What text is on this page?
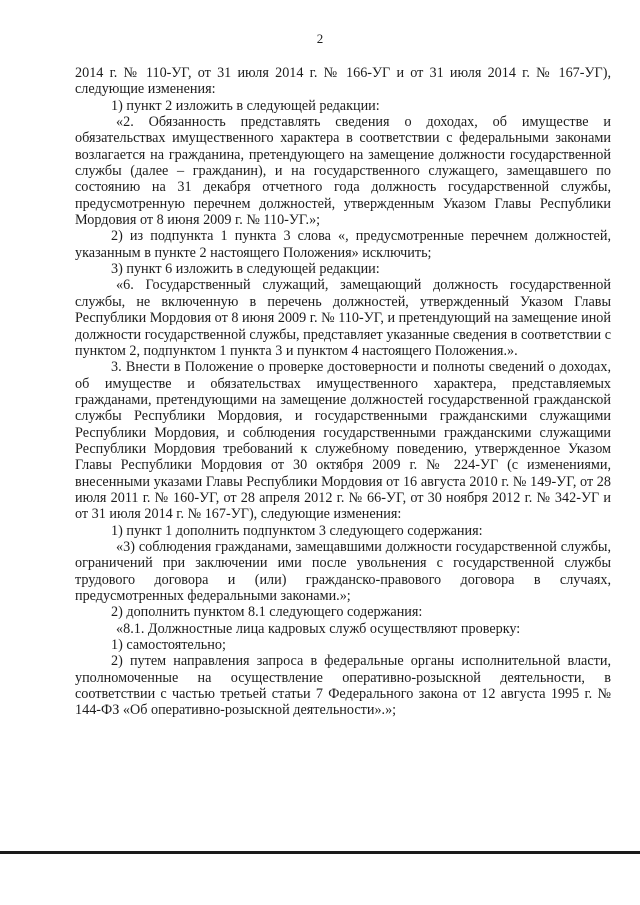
2

2014 г. № 110-УГ, от 31 июля 2014 г. № 166-УГ и от 31 июля 2014 г. № 167-УГ), следующие изменения:

1) пункт 2 изложить в следующей редакции:

«2. Обязанность представлять сведения о доходах, об имуществе и обязательствах имущественного характера в соответствии с федеральными законами возлагается на гражданина, претендующего на замещение должности государственной службы (далее – гражданин), и на государственного служащего, замещавшего по состоянию на 31 декабря отчетного года должность государственной службы, предусмотренную перечнем должностей, утвержденным Указом Главы Республики Мордовия от 8 июня 2009 г. № 110-УГ.»;

2) из подпункта 1 пункта 3 слова «, предусмотренные перечнем должностей, указанным в пункте 2 настоящего Положения» исключить;

3) пункт 6 изложить в следующей редакции:

«6. Государственный служащий, замещающий должность государственной службы, не включенную в перечень должностей, утвержденный Указом Главы Республики Мордовия от 8 июня 2009 г. № 110-УГ, и претендующий на замещение иной должности государственной службы, представляет указанные сведения в соответствии с пунктом 2, подпунктом 1 пункта 3 и пунктом 4 настоящего Положения.».

3. Внести в Положение о проверке достоверности и полноты сведений о доходах, об имуществе и обязательствах имущественного характера, представляемых гражданами, претендующими на замещение должностей государственной гражданской службы Республики Мордовия, и государственными гражданскими служащими Республики Мордовия, и соблюдения государственными гражданскими служащими Республики Мордовия требований к служебному поведению, утвержденное Указом Главы Республики Мордовия от 30 октября 2009 г. № 224-УГ (с изменениями, внесенными указами Главы Республики Мордовия от 16 августа 2010 г. № 149-УГ, от 28 июля 2011 г. № 160-УГ, от 28 апреля 2012 г. № 66-УГ, от 30 ноября 2012 г. № 342-УГ и от 31 июля 2014 г. № 167-УГ), следующие изменения:

1) пункт 1 дополнить подпунктом 3 следующего содержания:

«3) соблюдения гражданами, замещавшими должности государственной службы, ограничений при заключении ими после увольнения с государственной службы трудового договора и (или) гражданско-правового договора в случаях, предусмотренных федеральными законами.»;

2) дополнить пунктом 8.1 следующего содержания:

«8.1. Должностные лица кадровых служб осуществляют проверку:

1) самостоятельно;

2) путем направления запроса в федеральные органы исполнительной власти, уполномоченные на осуществление оперативно-розыскной деятельности, в соответствии с частью третьей статьи 7 Федерального закона от 12 августа 1995 г. № 144-ФЗ «Об оперативно-розыскной деятельности».»;
